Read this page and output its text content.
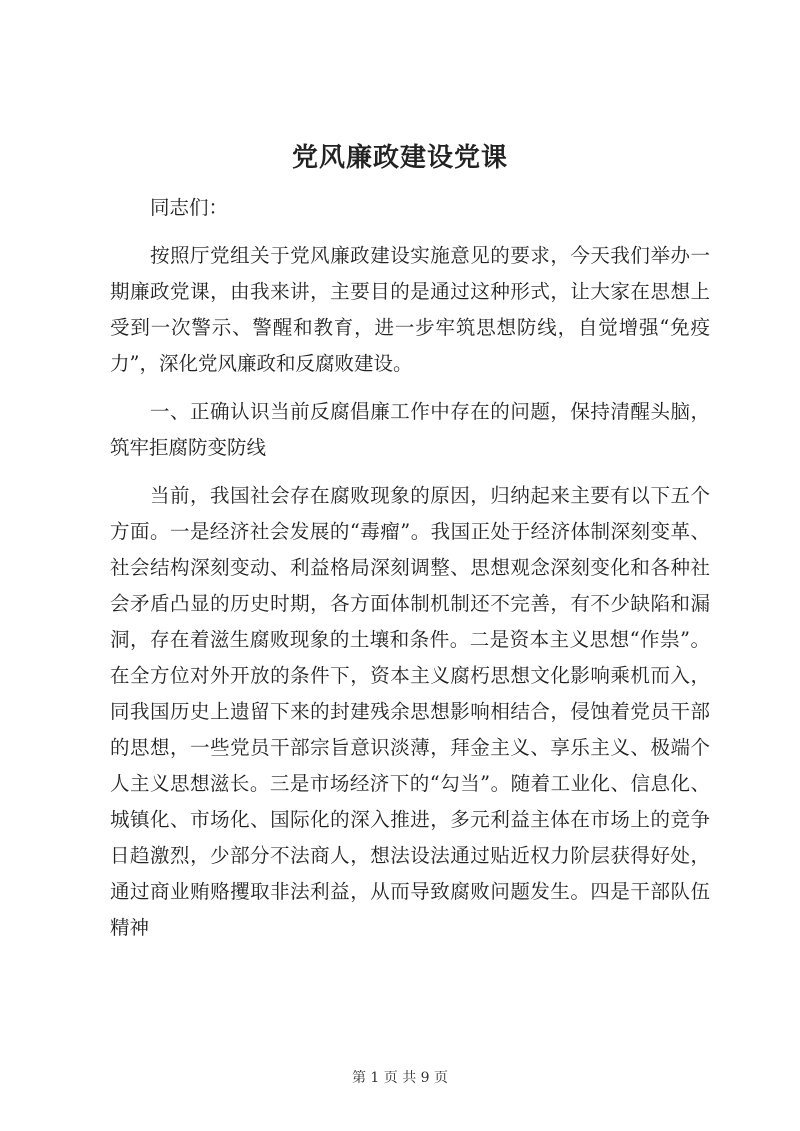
党风廉政建设党课

同志们：

按照厅党组关于党风廉政建设实施意见的要求，今天我们举办一期廉政党课，由我来讲，主要目的是通过这种形式，让大家在思想上受到一次警示、警醒和教育，进一步牢筑思想防线，自觉增强“免疫力”，深化党风廉政和反腐败建设。

一、正确认识当前反腐倡廉工作中存在的问题，保持清醒头脑，筑牢拒腐防变防线

当前，我国社会存在腐败现象的原因，归纳起来主要有以下五个方面。一是经济社会发展的“毒瘤”。我国正处于经济体制深刻变革、社会结构深刻变动、利益格局深刻调整、思想观念深刻变化和各种社会矛盾凸显的历史时期，各方面体制机制还不完善，有不少缺陷和漏洞，存在着滋生腐败现象的土壤和条件。二是资本主义思想“作祟”。在全方位对外开放的条件下，资本主义腐朽思想文化影响乘机而入，同我国历史上遗留下来的封建残余思想影响相结合，侵蚀着党员干部的思想，一些党员干部宗旨意识淡薄，拜金主义、享乐主义、极端个人主义思想滋长。三是市场经济下的“勾当”。随着工业化、信息化、城镇化、市场化、国际化的深入推进，多元利益主体在市场上的竞争日趋激烈，少部分不法商人，想法设法通过贴近权力阶层获得好处，通过商业贿赂攫取非法利益，从而导致腐败问题发生。四是干部队伍精神

第 1 页 共 9 页
